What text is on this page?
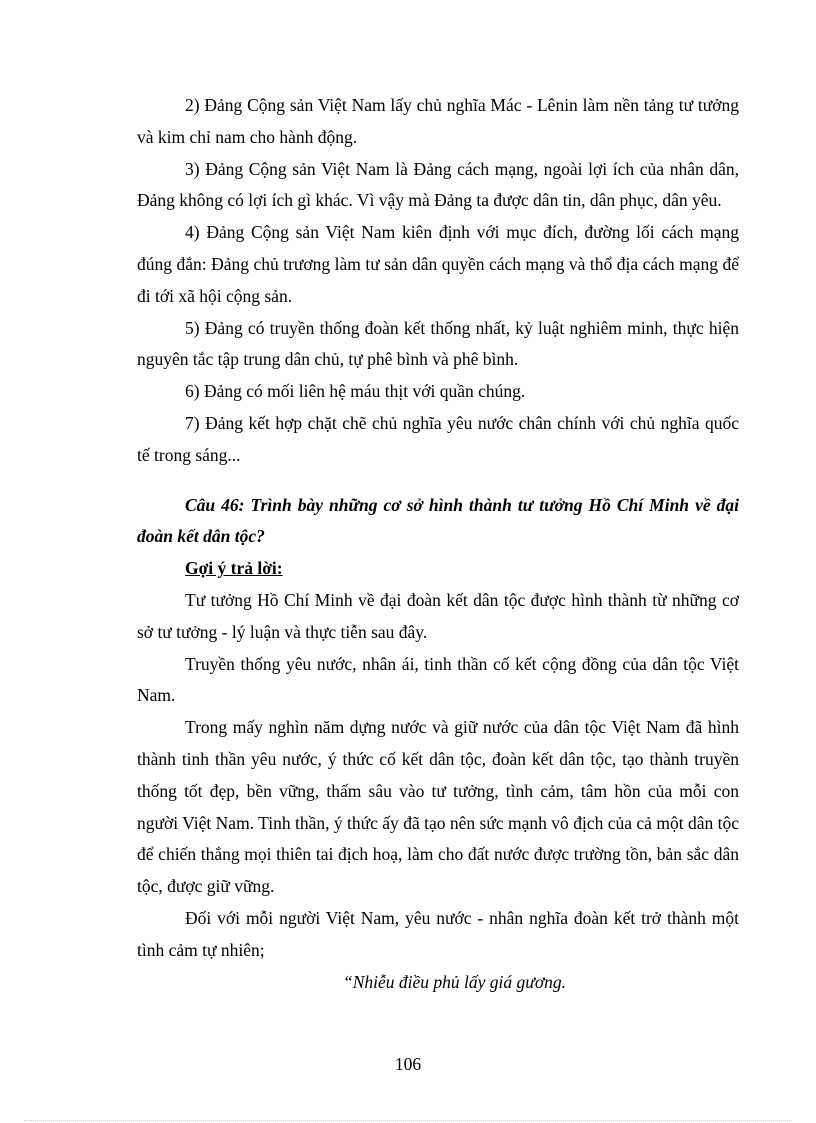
2) Đảng Cộng sản Việt Nam lấy chủ nghĩa Mác - Lênin làm nền tảng tư tưởng và kim chỉ nam cho hành động.

3) Đảng Cộng sản Việt Nam là Đảng cách mạng, ngoài lợi ích của nhân dân, Đảng không có lợi ích gì khác. Vì vậy mà Đảng ta được dân tin, dân phục, dân yêu.

4) Đảng Cộng sản Việt Nam kiên định với mục đích, đường lối cách mạng đúng đắn: Đảng chủ trương làm tư sản dân quyền cách mạng và thổ địa cách mạng để đi tới xã hội cộng sản.

5) Đảng có truyền thống đoàn kết thống nhất, kỷ luật nghiêm minh, thực hiện nguyên tắc tập trung dân chủ, tự phê bình và phê bình.

6) Đảng có mối liên hệ máu thịt với quần chúng.

7) Đảng kết hợp chặt chẽ chủ nghĩa yêu nước chân chính với chủ nghĩa quốc tế trong sáng...

Câu 46: Trình bày những cơ sở hình thành tư tưởng Hồ Chí Minh về đại đoàn kết dân tộc?

Gợi ý trả lời:

Tư tưởng Hồ Chí Minh về đại đoàn kết dân tộc được hình thành từ những cơ sở tư tưởng - lý luận và thực tiễn sau đây.

Truyền thống yêu nước, nhân ái, tinh thần cố kết cộng đồng của dân tộc Việt Nam.

Trong mấy nghìn năm dựng nước và giữ nước của dân tộc Việt Nam đã hình thành tinh thần yêu nước, ý thức cố kết dân tộc, đoàn kết dân tộc, tạo thành truyền thống tốt đẹp, bền vững, thấm sâu vào tư tưởng, tình cảm, tâm hồn của mỗi con người Việt Nam. Tinh thần, ý thức ấy đã tạo nên sức mạnh vô địch của cả một dân tộc để chiến thắng mọi thiên tai địch hoạ, làm cho đất nước được trường tồn, bản sắc dân tộc, được giữ vững.

Đối với mỗi người Việt Nam, yêu nước - nhân nghĩa đoàn kết trở thành một tình cảm tự nhiên;

“Nhiễu điều phủ lấy giá gương.

106
